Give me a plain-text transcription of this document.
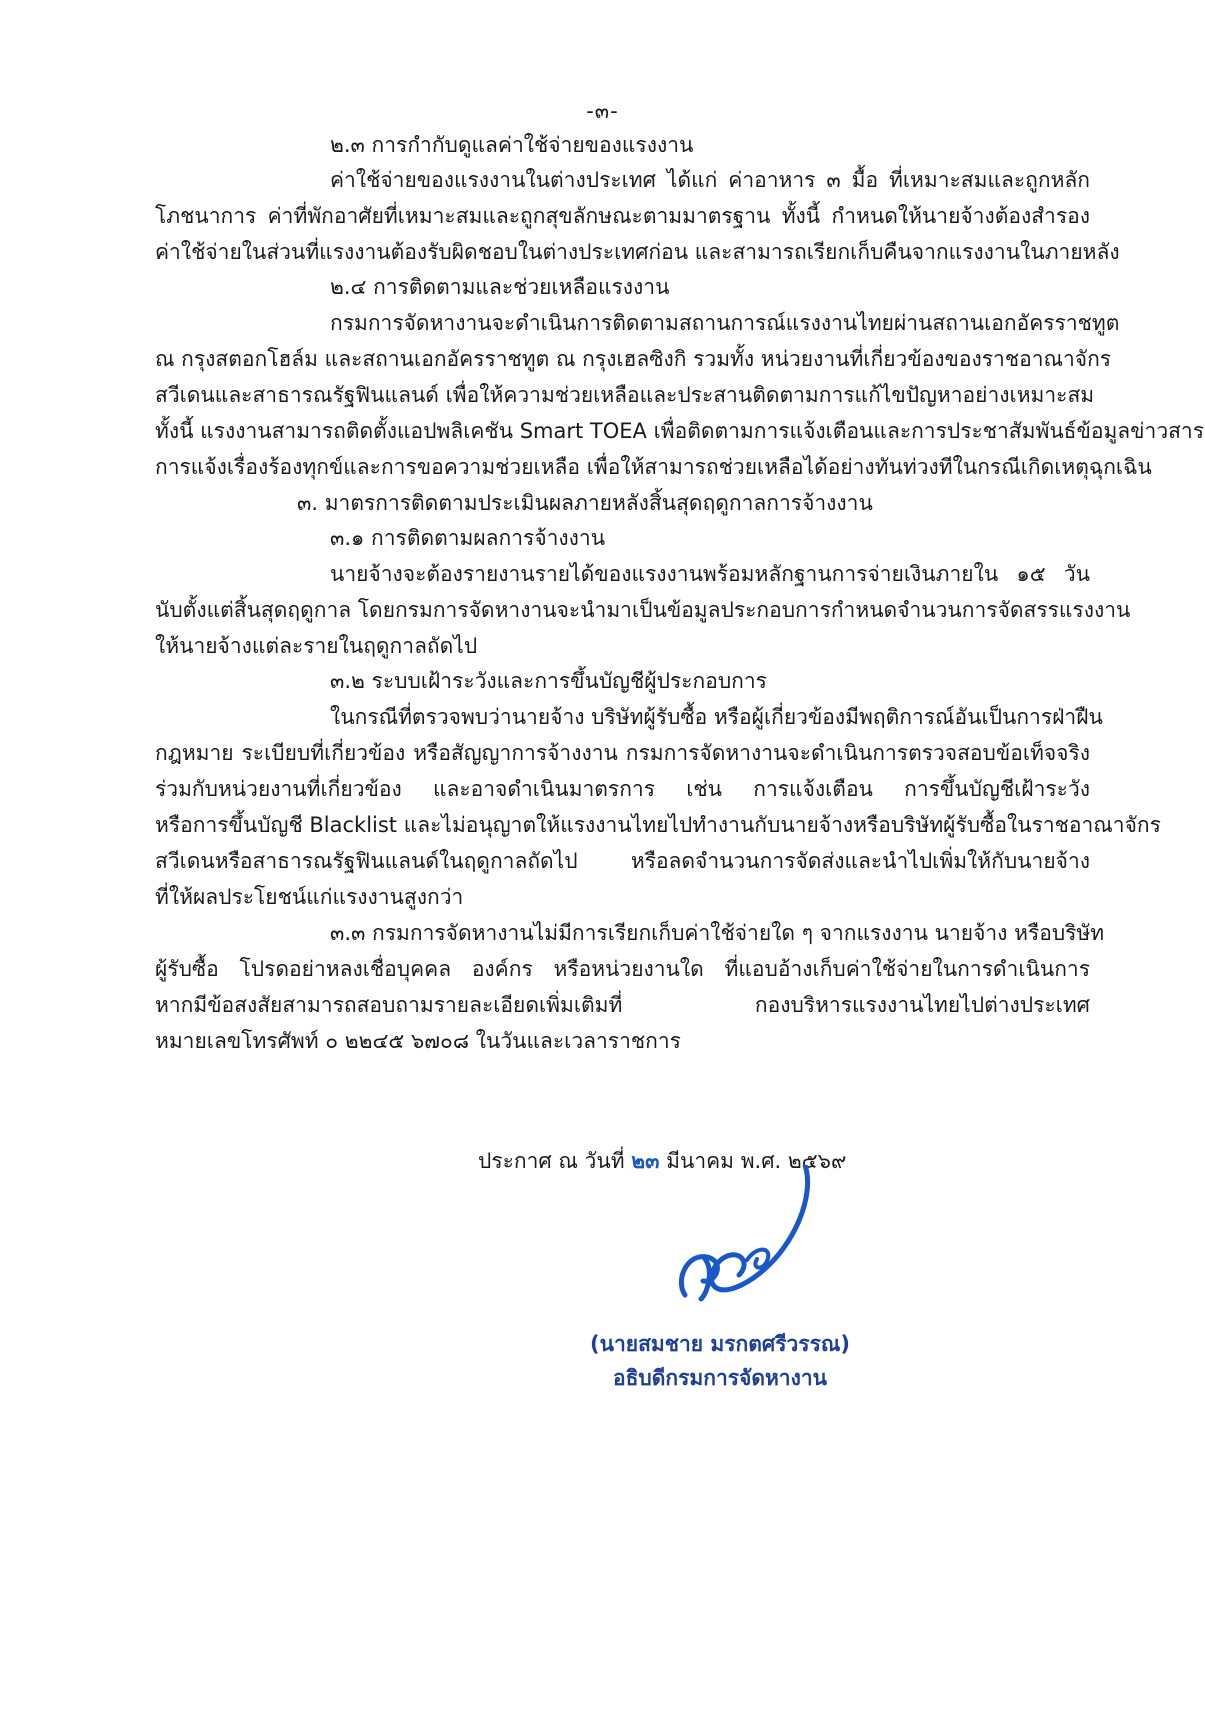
-๓-
๒.๓ การกำกับดูแลค่าใช้จ่ายของแรงงาน
ค่าใช้จ่ายของแรงงานในต่างประเทศ ได้แก่ ค่าอาหาร ๓ มื้อ ที่เหมาะสมและถูกหลัก
โภชนาการ ค่าที่พักอาศัยที่เหมาะสมและถูกสุขลักษณะตามมาตรฐาน ทั้งนี้ กำหนดให้นายจ้างต้องสำรอง
ค่าใช้จ่ายในส่วนที่แรงงานต้องรับผิดชอบในต่างประเทศก่อน และสามารถเรียกเก็บคืนจากแรงงานในภายหลัง
๒.๔ การติดตามและช่วยเหลือแรงงาน
กรมการจัดหางานจะดำเนินการติดตามสถานการณ์แรงงานไทยผ่านสถานเอกอัครราชทูต
ณ กรุงสตอกโฮล์ม และสถานเอกอัครราชทูต ณ กรุงเฮลซิงกิ รวมทั้ง หน่วยงานที่เกี่ยวข้องของราชอาณาจักร
สวีเดนและสาธารณรัฐฟินแลนด์ เพื่อให้ความช่วยเหลือและประสานติดตามการแก้ไขปัญหาอย่างเหมาะสม
ทั้งนี้ แรงงานสามารถติดตั้งแอปพลิเคชัน Smart TOEA เพื่อติดตามการแจ้งเตือนและการประชาสัมพันธ์ข้อมูลข่าวสาร
การแจ้งเรื่องร้องทุกข์และการขอความช่วยเหลือ เพื่อให้สามารถช่วยเหลือได้อย่างทันท่วงทีในกรณีเกิดเหตุฉุกเฉิน
๓. มาตรการติดตามประเมินผลภายหลังสิ้นสุดฤดูกาลการจ้างงาน
๓.๑ การติดตามผลการจ้างงาน
นายจ้างจะต้องรายงานรายได้ของแรงงานพร้อมหลักฐานการจ่ายเงินภายใน ๑๕ วัน
นับตั้งแต่สิ้นสุดฤดูกาล โดยกรมการจัดหางานจะนำมาเป็นข้อมูลประกอบการกำหนดจำนวนการจัดสรรแรงงาน
ให้นายจ้างแต่ละรายในฤดูกาลถัดไป
๓.๒ ระบบเฝ้าระวังและการขึ้นบัญชีผู้ประกอบการ
ในกรณีที่ตรวจพบว่านายจ้าง บริษัทผู้รับซื้อ หรือผู้เกี่ยวข้องมีพฤติการณ์อันเป็นการฝ่าฝืน
กฎหมาย ระเบียบที่เกี่ยวข้อง หรือสัญญาการจ้างงาน กรมการจัดหางานจะดำเนินการตรวจสอบข้อเท็จจริง
ร่วมกับหน่วยงานที่เกี่ยวข้อง และอาจดำเนินมาตรการ เช่น การแจ้งเตือน การขึ้นบัญชีเฝ้าระวัง
หรือการขึ้นบัญชี Blacklist และไม่อนุญาตให้แรงงานไทยไปทำงานกับนายจ้างหรือบริษัทผู้รับซื้อในราชอาณาจักร
สวีเดนหรือสาธารณรัฐฟินแลนด์ในฤดูกาลถัดไป หรือลดจำนวนการจัดส่งและนำไปเพิ่มให้กับนายจ้าง
ที่ให้ผลประโยชน์แก่แรงงานสูงกว่า
๓.๓ กรมการจัดหางานไม่มีการเรียกเก็บค่าใช้จ่ายใด ๆ จากแรงงาน นายจ้าง หรือบริษัท
ผู้รับซื้อ โปรดอย่าหลงเชื่อบุคคล องค์กร หรือหน่วยงานใด ที่แอบอ้างเก็บค่าใช้จ่ายในการดำเนินการ
หากมีข้อสงสัยสามารถสอบถามรายละเอียดเพิ่มเติมที่ กองบริหารแรงงานไทยไปต่างประเทศ
หมายเลขโทรศัพท์ ๐ ๒๒๔๕ ๖๗๐๘ ในวันและเวลาราชการ
ประกาศ ณ วันที่ ๒๓ มีนาคม พ.ศ. ๒๕๖๙
(นายสมชาย มรกตศรีวรรณ)
อธิบดีกรมการจัดหางาน
